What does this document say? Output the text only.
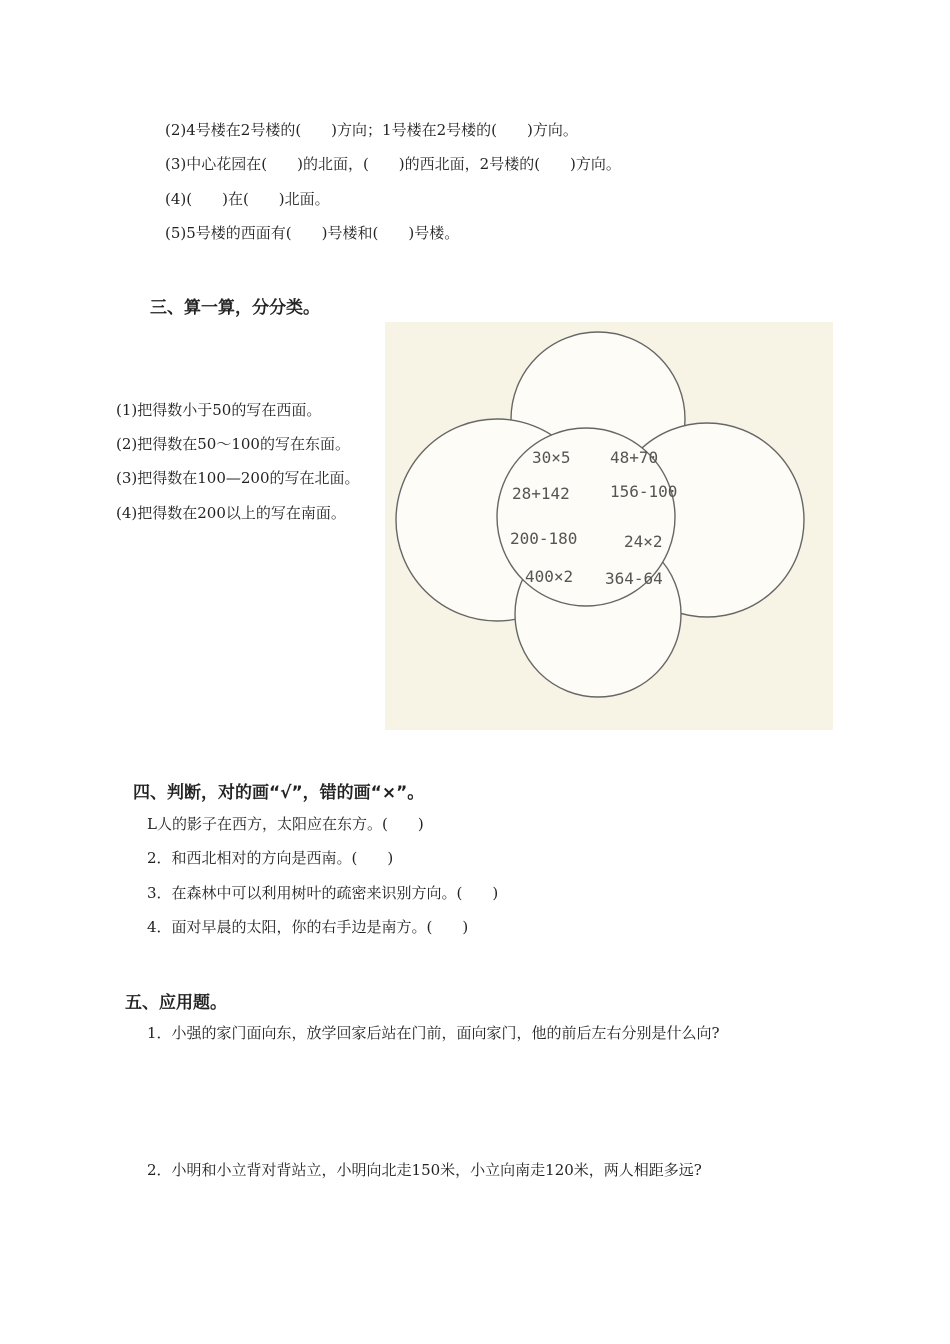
(2)4号楼在2号楼的(　　)方向；1号楼在2号楼的(　　)方向。
(3)中心花园在(　　)的北面，(　　)的西北面，2号楼的(　　)方向。
(4)(　　)在(　　)北面。
(5)5号楼的西面有(　　)号楼和(　　)号楼。
三、算一算，分分类。
(1)把得数小于50的写在西面。
(2)把得数在50～100的写在东面。
(3)把得数在100—200的写在北面。
(4)把得数在200以上的写在南面。
30×5 48+70
28+142	156-100
200-180	24×2
400×2 364-64
四、判断，对的画“√”，错的画“×”。
L人的影子在西方，太阳应在东方。(　　)
2．和西北相对的方向是西南。(　　)
3．在森林中可以利用树叶的疏密来识别方向。(　　)
4．面对早晨的太阳，你的右手边是南方。(　　)
五、应用题。
1．小强的家门面向东，放学回家后站在门前，面向家门，他的前后左右分别是什么向?
2．小明和小立背对背站立，小明向北走150米，小立向南走120米，两人相距多远?
